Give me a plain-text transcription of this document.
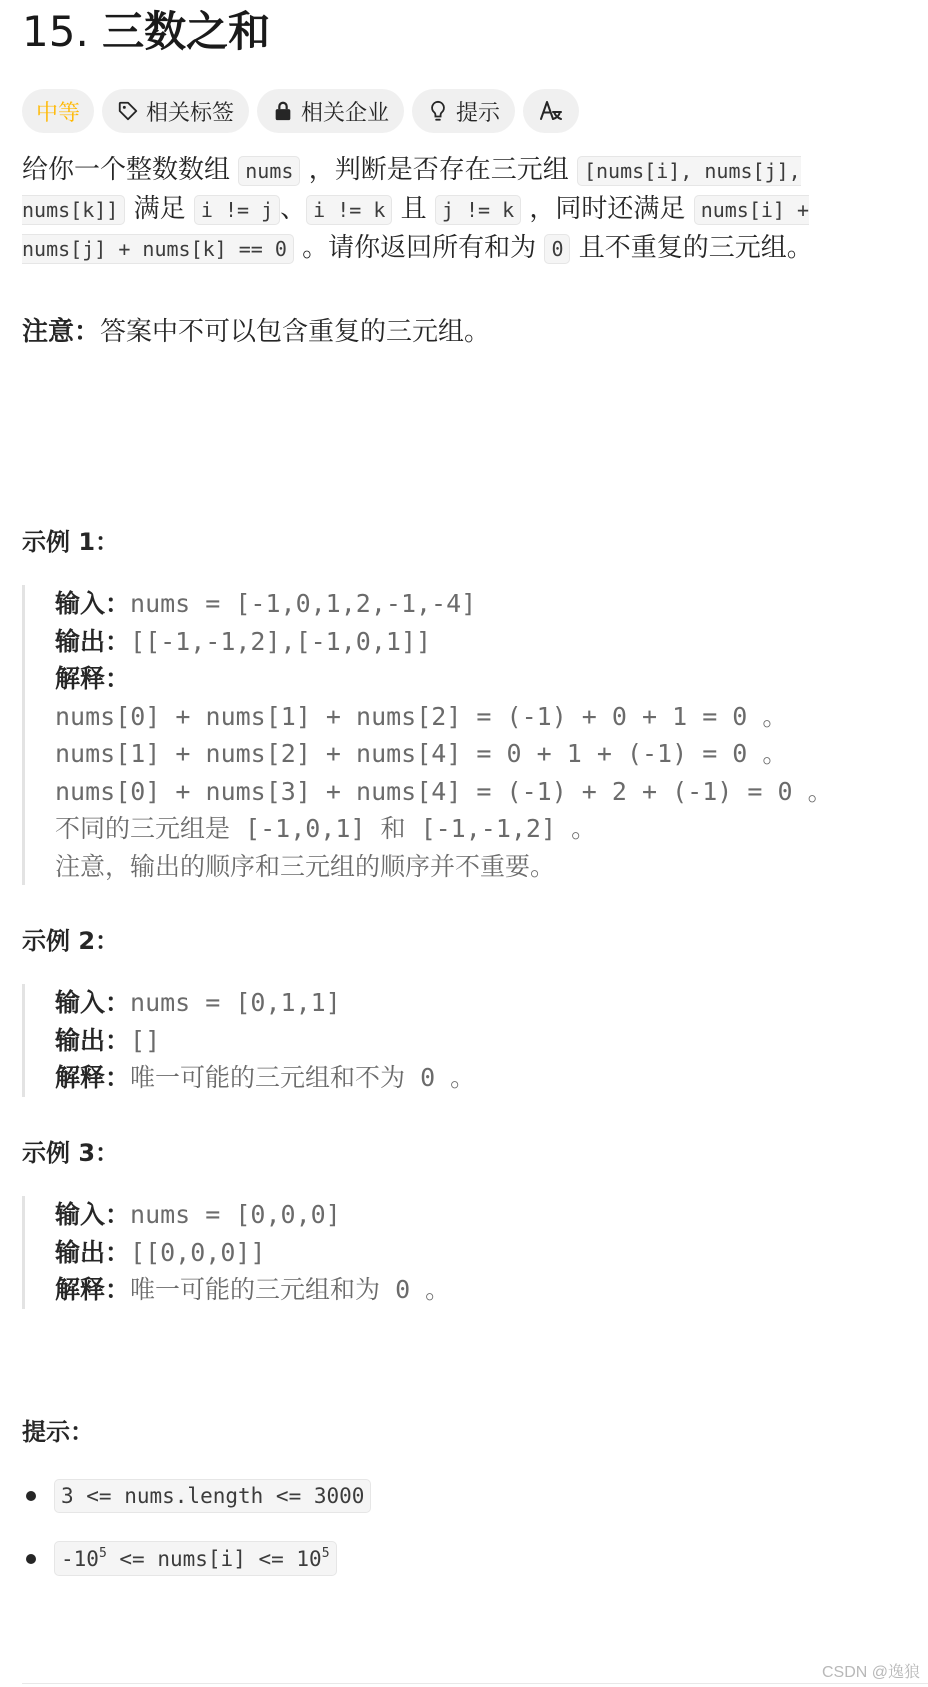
15. 三数之和
中等	相关标签	相关企业	提示
给你一个整数数组 nums ，判断是否存在三元组 [nums[i], nums[j], nums[k]] 满足 i != j 、 i != k 且 j != k ，同时还满足 nums[i] + nums[j] + nums[k] == 0 。请你返回所有和为 0 且不重复的三元组。
注意：答案中不可以包含重复的三元组。
示例 1：
输入：nums = [-1,0,1,2,-1,-4]
输出：[[-1,-1,2],[-1,0,1]]
解释：
nums[0] + nums[1] + nums[2] = (-1) + 0 + 1 = 0 。
nums[1] + nums[2] + nums[4] = 0 + 1 + (-1) = 0 。
nums[0] + nums[3] + nums[4] = (-1) + 2 + (-1) = 0 。
不同的三元组是 [-1,0,1] 和 [-1,-1,2] 。
注意，输出的顺序和三元组的顺序并不重要。
示例 2：
输入：nums = [0,1,1]
输出：[]
解释：唯一可能的三元组和不为 0 。
示例 3：
输入：nums = [0,0,0]
输出：[[0,0,0]]
解释：唯一可能的三元组和为 0 。
提示：
3 <= nums.length <= 3000
$-10^5$ <= nums[i] <= $10^5$
CSDN @逸狼
